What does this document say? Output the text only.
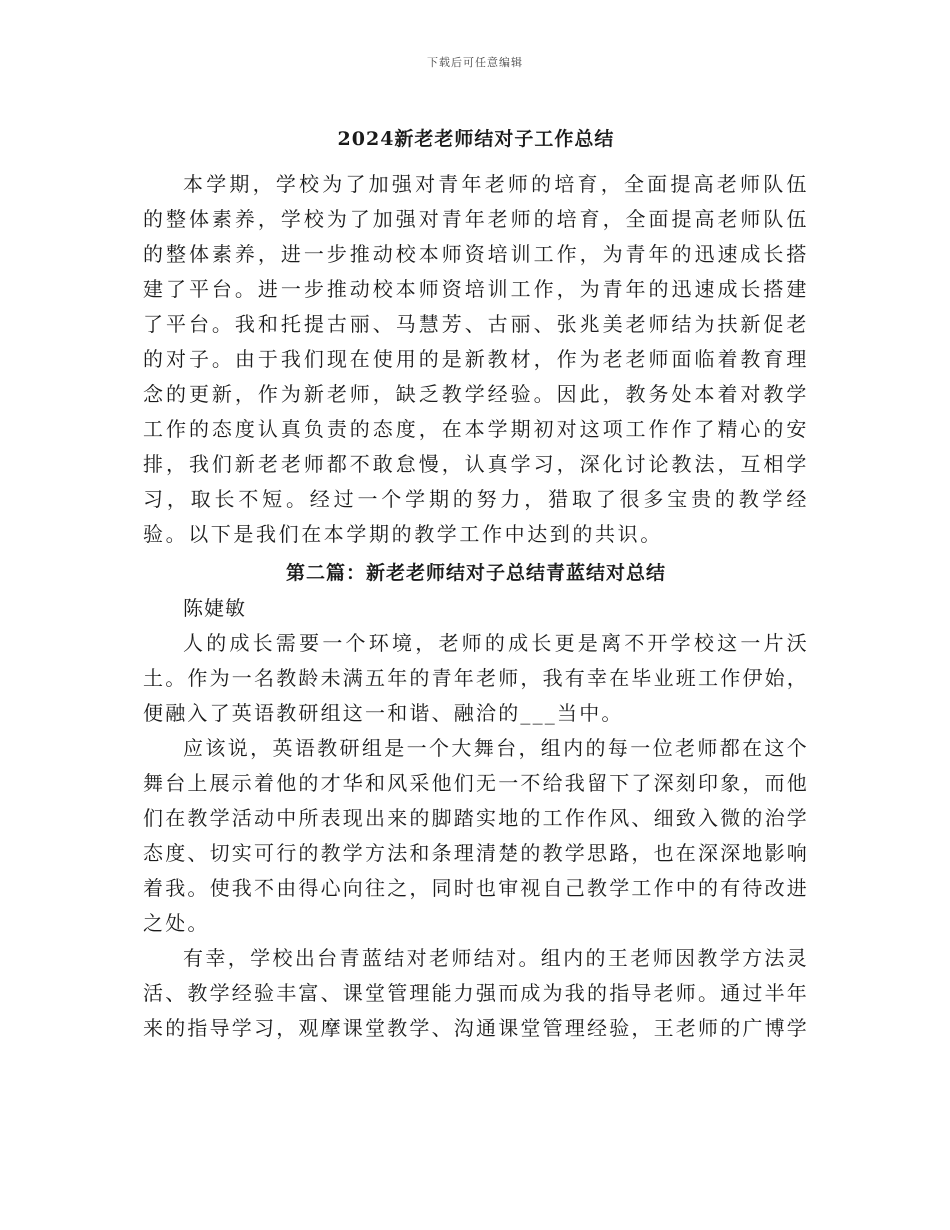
下载后可任意编辑
2024新老老师结对子工作总结

本学期，学校为了加强对青年老师的培育，全面提高老师队伍的整体素养，学校为了加强对青年老师的培育，全面提高老师队伍的整体素养，进一步推动校本师资培训工作，为青年的迅速成长搭建了平台。进一步推动校本师资培训工作，为青年的迅速成长搭建了平台。我和托提古丽、马慧芳、古丽、张兆美老师结为扶新促老的对子。由于我们现在使用的是新教材，作为老老师面临着教育理念的更新，作为新老师，缺乏教学经验。因此，教务处本着对教学工作的态度认真负责的态度，在本学期初对这项工作作了精心的安排，我们新老老师都不敢怠慢，认真学习，深化讨论教法，互相学习，取长不短。经过一个学期的努力，猎取了很多宝贵的教学经验。以下是我们在本学期的教学工作中达到的共识。

第二篇：新老老师结对子总结青蓝结对总结

陈婕敏

人的成长需要一个环境，老师的成长更是离不开学校这一片沃土。作为一名教龄未满五年的青年老师，我有幸在毕业班工作伊始，便融入了英语教研组这一和谐、融洽的___当中。

应该说，英语教研组是一个大舞台，组内的每一位老师都在这个舞台上展示着他的才华和风采他们无一不给我留下了深刻印象，而他们在教学活动中所表现出来的脚踏实地的工作作风、细致入微的治学态度、切实可行的教学方法和条理清楚的教学思路，也在深深地影响着我。使我不由得心向往之，同时也审视自己教学工作中的有待改进之处。

有幸，学校出台青蓝结对老师结对。组内的王老师因教学方法灵活、教学经验丰富、课堂管理能力强而成为我的指导老师。通过半年来的指导学习，观摩课堂教学、沟通课堂管理经验，王老师的广博学
